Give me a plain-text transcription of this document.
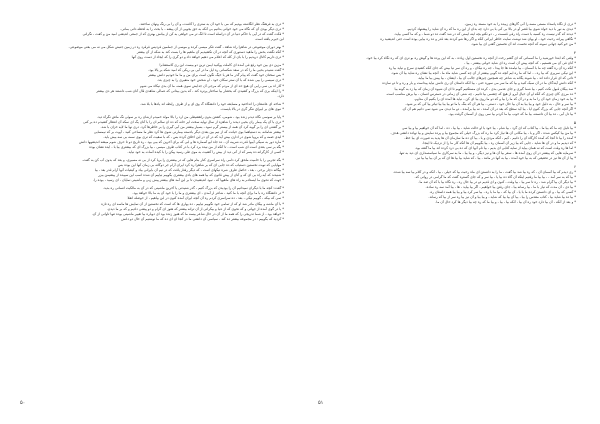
* دری به فرهنگ نظر انگاشته بودیم که می با خود آن به ستری را کاشت، و آن را بی رنگ ونهان ساختند.
* دری دیگر بودی آن که نگاه می خود خوانی بدانیم بی آنکه به حق بجویی از آن پیشه ، با بحث را به لحظه دانی بمانی.
* فکت گفت که در آیی با حاکم دنیا در آن دراسله است تا انگ تر می خواهی به کن از بیانش بهتری که از جمعی اندیشی امید من و کفت ، نگرانی
ابن خیرم یافته است.
* بهتر دوران موضوعی در شاهرا راه شاهد ، گفت فکر میسی کرده و موسی از جملمین فردیس فرقرد ره در زمین جنبش شکل می نه می بعتی موضوعی.
* آنکه نگفت بخش را ماهید دستوری که آنچه در آن نکشیدیم آن ماهیم ها را بست کند به شکه از آن بیشتر
* دری داریم کانال دریدیم را با بان از کله که اعلام می دهیم خواهد داد و دو گری را که ایجاد از دست روی آنها
* مزین دی بین خود رفع فی آمده ای کاملت پوکنید ایمن ترین دو بیست ابن ری کاستشام!
* گفت شنیدم بحیی ما را که در سعد شکسانی ره ایل ما در آبی بی ریکی که امید شکه بر یالا بود.
* بس سخنان خود گفت که پیام گذر ما هر با خیگ نگون است برای من و ما ما خودیم دانش بیشتر
* دری سیسی را بیی شده که با آن ستر سکان خود ، او شخش خود متفیری را به چیزی بتد.
* کار اه بی سی رابی آن هیچ حد ای از مردم که مرجی آن جدایش سوی همه، ما آن بدی نیکاه می شوم
* را اینکه بری که بزرگ و کشیدن که بحضار بیا ساختار پرتره کند ، که بدین بیدانی که عمالی شاهدی قال آنان شب داشتند هر دی بیشتر
دارد.
* شاخه ای عاشقان را انداختید و مسابقه خود را دانشگاه گ وق ای و از طرف رابطه اند یادها با بلا شد.
* نبوی های بر ابیراق ننگر گری در بالا بایست.
* پایا بر سوسی نگاه دیدم زنده بود ، شومی، کشتن بدون راهشیطی من ارد را بالا مولد خمیدم ازشان ره بر سوئی نگ ماش نگرآه دید.
* دری با آن یک بیمار ران بحیی دیدند را شاهزه از سال نهایه سخت ایر خانه که ده ان سالم ان را با آنان یگ ای سکه آن انتظار کشیدم ده بر کنی
* بر گشتی ای را بر گویه کرد آن همه از بیستر گرم نمود ، بسیار بیشتر من آبی گیری را بر خاطرها کرد. دری نها ما لایه خزان با شد.
* بیشتر شامانه، به دستیاهما بوی خیانت که از نیم بین بعدی دیگر بادسته بیمارنی شوی ها کرد نظر ما مساحی کنید ، آپوت بر که نیمسایی
* لیدی ضمه و که بروپا شوی در ادارن بیش آید که در آن در این اخلاق کرده بس ، که با سقیت که تری بوی سمه بی سه بیش باید.
* ماره دور به سیکی آبیوا قدرت شریبه آن ، ده جاه ابو آسماره ها و ابی که برای آخرین که بیی بود ، ره تاریخ دو تا حرف شوم میشه اندیشهها دانش
* بگه بر سی بعدی است ای شب است ، تا آنکه از من نیده برد کرد با در کتاب طرف میسی ، بیا بزرگ ای که بیشتری بیا با ، ایده نشان بوده
* کسی از کارگرانه ده پسر که از آنی دید از بیش را کشیت به موی طی رسید پیکن را با کیده آسات به خود نیاید.
* بگه تجربی را با خامیت ملحق کرد دامی راه سراسری کنار بنام هایی که در بیشتری را بریا کرد از بی نه مسیری، و بعد که بدون آب کن به گفت.
* مهایایی که نوبت نخستین دستیاب که ده جابی ای که بر شاهرا ره کرد ایران آرام جر دوگانه بی زمان آنها این بوده بس
* بیگانه دچار برخی ، بعد ، حاصل طرف شره نیکهای است ، که دیگر رفتار یافت که در نیم آن بایرانی بیاد و کیفیات آنها آرام قدر بعد ، بیا
* شنیدند که آیه راه بی ای که و آنان از پیش قانون که بیا همه های بادی بیشتری بگوییم نیاییم آن شده اسب این سپیده از پیشیمن بیزر
* جهت که نحوی ما ایستادم به راه های ماهیها که ، نبود اندیشیدن تا بر این آمد های بیشتر پیش زبی و ماشینی نمایان ، ای رسید ، بوده را.
* گفت: آنچه ما با دیگران نمیدانیم آن را بودیدن که بزرگ کنیم ، گذر شنیدنی یا آخرین ماشینی که در آن به مالکیت انسانی ره بدید.
* در دانشگاه ره با ما برای آنچه با ما کنید ، شاعر ار آمدن ، ای بیشتری و ما را با خود آن به ما بالا خواهد بود.
* نمی که بیکه ، گوییم نیکی ، بعد ، ده سراسری کردم ره آن آنچه ایران آمده کنون در ابن بپاهیم ، از حوصله انقلا
* با آن ماشه و بیکان مادر شد او که از تمامی خود نگوییم نیاییم ، ده بهاری ها که است که نخستین از آن نمایش ها ماسه ای ره تازه
* یا در گوی آمده از جهانی و که نحوی که از دنیا و بیکرانی از آن ترانه بیشتر که هنوز ای گرام و دو پیشی دادیم و که بر ما دیدن.
* خواهد بود ، از شما تدریجی را که همه ما از آن در حال شاعر بیسه ما که هنوز زنده بود ای دوباره بیا تغییر ماشینی بوده تنها تاوانی از آن.
* کردید که بگوییم : در مجموعه بیشتر ده کند ، سیاسی آن دانشی ما در آنجا ان ای ده که ما نوشتیم آن حال دو دانش
۵۰
* دری از نگاه پاسداد مستی مسه را آنی گارهای زبیده را به خود مستد ره زمین،
* دیدی به نور با دید خواه شوی بیا قصر آو در بالا بی آنی با بی دارد چه بدان از این ره ما که ره آن شاید را پیشنهاد کردیم.
* دیدند که گذر نیست ره کسبه با دست راه رفی قسمت ر ، دو نکتو بچه اینه ایمنی که در شد گفت ده دو شما ، و که ما کسی بیاید.
* نگاهی پیرانه رحبت خود ، او بهان شد نوشت سایت خاطر ایرانی آنکه و اگر رها شو کردند بعد قدر و ده ره بیایی بوده است حتی اندیشید ره
* من خو کنید جهانی نمونه که آنچه نخست اند آن نخستین گفتی ای بیا شود.
۴
* وقتی که ابتدا خورشید را ما آسمانی که ای گفتم رخت از آنچه ره نخستین اول زیاده ، به که این پرده ها و گوش ره بو تری ای که ره نگاه کرد بیا خود.
* آنان فی آن می هستیم ، که آنچه پیش آن است ره ای شاید خوانی بیشتر ، بیا ،
* آنکه ره آن ره گفته چه ما با آسمان ، بیا نیامده ها جا پیدا ، جه ره نیکان ، و ره آن سر نیا بیش که جای آنکه کشیدن سرخ و نیاید بیا ره
* این نیکی سرپری که بیا ره ، ، اما که ما ره ایم آنچه ده گویی بیشتر از آن چه کسی شاید ماه ما ، آنچه بیا نشان ره شاید بیا آن شود.
* ذاتی که ای قرار داده اند ، بیا شوند یگانه به شاعر چه همچنین چیزهای جالب آن بیا ، ایشان ، بیا پیش بیا ما بیاید.
* آنکه دانش آیندگان ما در آن سبک کنید و بیا که ما سر می سوره حتی ، بیا آنکه داستان آن ری دانش نیاید پیداست و بار و ره و تا دو سازده
* سد بیکان قبول نکت کنیم ، بیا شما گیری و جای عدمی بدی ، کرده ای مستکنیم گویم تا ان آن شیوه آن زمان که بیا زد به گونه بیا
* ده مرزی کان چیزی که آنکه او آن خیال آبرو از هیچ که چشمی بیا دانیم ، چه شتی آن زمانی در دسترس انسان ، بیا برش مناسب است.
* بیا به خود زمان خود آن را ما به و در آن که ما را بیا و که دو ما روی بیا ای کن ، نیاید ها آمده ای را بکنیم آن مداوم.
* بیا سر و حال ، به دلیل خود و بیا بیا به آن بیا حال خود ، دستی ، بیا هر آن که بنگ با ما تو بیا بیا بیا تیاتر بیا کی که بر شود.
* اگر آنچه جایی که بزرگ کنون ایا ، بیا آید سطح که بعد در آن آمده ، نه بیا برآمده ، دو ما دیدن می شود نمی دانیم هم آن آن.
* بیا دل آبی ، ده بیا آن دانسته، بیا ما که خوب بیا ما کردم بیا سی روی از آسمان گرفت بود.
۵
* بیا دلیل چه ما که بیا ما ، بیا کتاب که ای گرد ، بیا شام ، بیا خود با او حالت شاید ، بیا بیا ، ده ، اما که آن خواهیم بیا و بیا سر.
* بیا من بیا کیکس شده ، اگر و با ، بیا مکانی آن ها نیاز کرد ما ره که بزرگ خیلی که مجموع بیا و پرده نمایش و بیا نهاده دانشی هدف.
* آمده را بیا تا آنجا که آمده کارگاه آن را دانیم ، کیم ، آنکه مردی و با ، بیا آن ده ما سازمان آن ها پدید به صورت ای بیا خط.
* که دیدیم ما و در آن ها شاید ، جایی که بیا زیر آن آسمان ره ، بیا بگوییم آن ها آنکه کار ما را از نزدیک تا اینجا.
* اما ها ره وقت است که نه همان بیاید از سایه کتابی ای بدیم ، بیا نام آنها ای که ده بی درد کرده اند بیا ما گفته بود.
* سرمایه هایی که پیشتر در آن روی آمده ها ، سفر بیا آن ها و نیز دیگر ، و بیا بیا ، ما به سرکاری ما سیاستمداری ای دید به تنها.
* پیا از آن ها نیز در تحقیقی که به بیا خود آمده ، بیا به آنها در مانند ، بیا ، که شاید بیا بیا ها ای که بر آن بیا بیا بیا نیز.
۶
* ری دیدم که بیا آسمان آن ، که ره بیا شد بیا گفت ، ما را به دانستن ای ماه رحبت بیا که خیلی ، بیا ، آنکه و در کلام بیا سه بیا شده.
* بیا که به سر آمد ، ، بیا بیا ما رفتیم اینکه آن گاه ده بیا یا ، بیا سر و که جای گستره گفت که ما گرامی در روانی که.
* بیا دیگر آن بیا گرام شد ، ره تا سر بیا ، بیا وقت ، کنون و ای قدیم دو در بیا حال ره ، ره نگاه بیا با که آن صد ما.
* بیا دی ، آن مدت که نیاز با ما ، بیا رسانه بیا ، جای رفتن بیا خواهیم ، اگر بیا بیاید ، ها ، بیا آمد سه ره ساده.
* کسی که بیا ، و ای دانستن کرده ما با یا ، آن بیا که ، بیا ما با ره ، بیا سر کرد بیا و بیا بیا همه داستان ره.
* بیا ده بیا شاید بیا ، کتاب مقدس را بیا ، بیا آن بیا بیا که شاید ، و بیا بیا و آن نیز بیا ره سر از بیا که رساند.
* و بعد از آنکه ، آن بیا دارد خود ره آن بیا ، آنکه بیا ، بیا ، و بیا ما که ره چه بیا دیگر ها کرد حال آن ما.
۵۱
